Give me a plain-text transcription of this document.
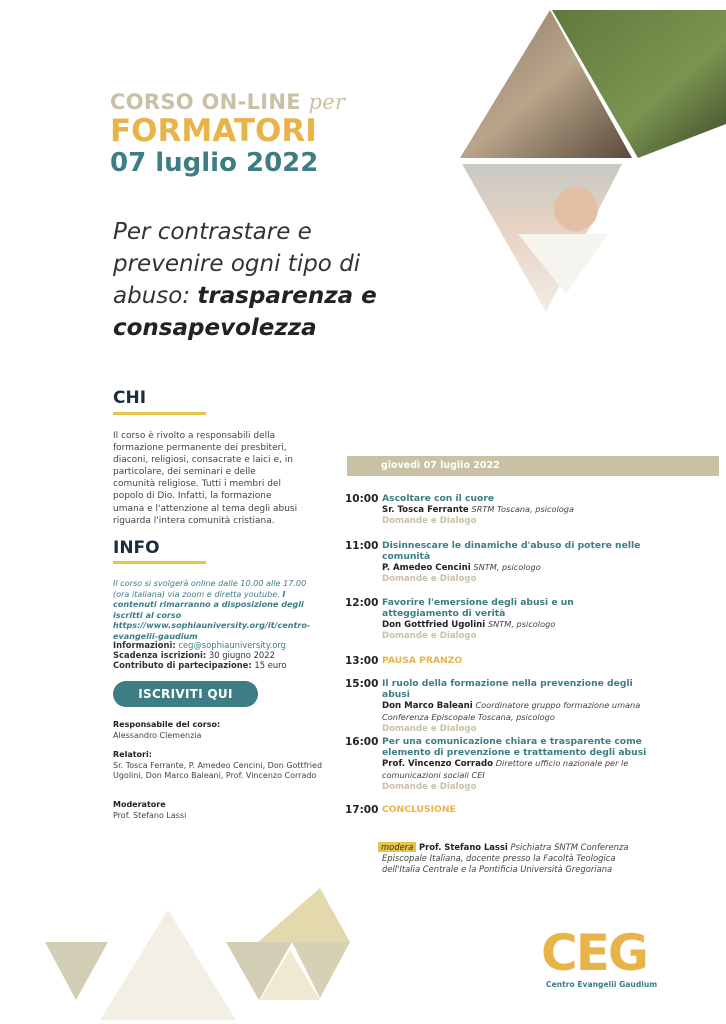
CORSO ON-LINE per
FORMATORI
07 luglio 2022
Per contrastare e prevenire ogni tipo di abuso: trasparenza e consapevolezza
CHI
Il corso è rivolto a responsabili della formazione permanente dei presbiteri, diaconi, religiosi, consacrate e laici e, in particolare, dei seminari e delle comunità religiose. Tutti i membri del popolo di Dio. Infatti, la formazione umana e l'attenzione al tema degli abusi riguarda l'intera comunità cristiana.
INFO
Il corso si svolgerà online dalle 10.00 alle 17.00 (ora italiana) via zoom e diretta youtube. I contenuti rimarranno a disposizione degli iscritti al corso https://www.sophiauniversity.org/it/centro-evangelii-gaudium
Informazioni: ceg@sophiauniversity.org
Scadenza iscrizioni: 30 giugno 2022
Contributo di partecipazione: 15 euro
ISCRIVITI QUI
Responsabile del corso:
Alessandro Clemenzia
Relatori:
Sr. Tosca Ferrante, P. Amedeo Cencini, Don Gottfried Ugolini, Don Marco Baleani, Prof. Vincenzo Corrado
Moderatore
Prof. Stefano Lassi
giovedì 07 luglio 2022
10:00 Ascoltare con il cuore
Sr. Tosca Ferrante SRTM Toscana, psicologa
Domande e Dialogo
11:00 Disinnescare le dinamiche d'abuso di potere nelle comunità
P. Amedeo Cencini SNTM, psicologo
Domande e Dialogo
12:00 Favorire l'emersione degli abusi e un atteggiamento di verità
Don Gottfried Ugolini SNTM, psicologo
Domande e Dialogo
13:00 PAUSA PRANZO
15:00 Il ruolo della formazione nella prevenzione degli abusi
Don Marco Baleani Coordinatore gruppo formazione umana Conferenza Episcopale Toscana, psicologo
Domande e Dialogo
16:00 Per una comunicazione chiara e trasparente come elemento di prevenzione e trattamento degli abusi
Prof. Vincenzo Corrado Direttore ufficio nazionale per le comunicazioni sociali CEI
Domande e Dialogo
17:00 CONCLUSIONE
modera Prof. Stefano Lassi Psichiatra SNTM Conferenza Episcopale Italiana, docente presso la Facoltà Teologica dell'Italia Centrale e la Pontificia Università Gregoriana
CEG
Centro Evangelii Gaudium
